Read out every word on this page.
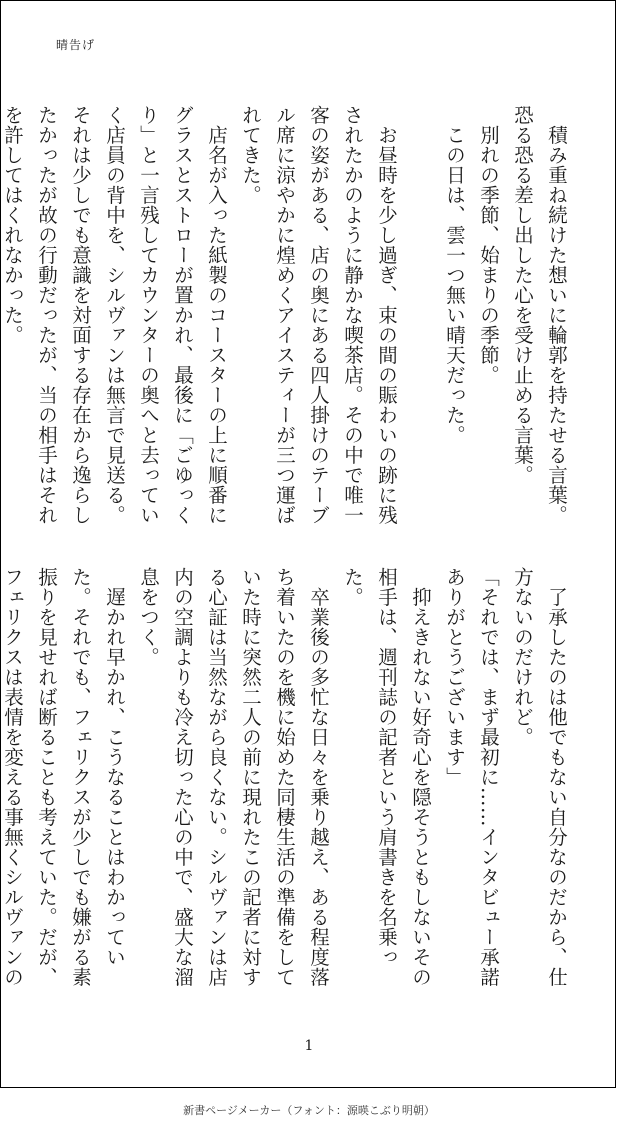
晴告げ

積み重ね続けた想いに輪郭を持たせる言葉。

恐る恐る差し出した心を受け止める言葉。

別れの季節、始まりの季節。

この日は、雲一つ無い晴天だった。

お昼時を少し過ぎ、束の間の賑わいの跡に残されたかのように静かな喫茶店。その中で唯一客の姿がある、店の奥にある四人掛けのテーブル席に涼やかに煌めくアイスティーが三つ運ばれてきた。

店名が入った紙製のコースターの上に順番にグラスとストローが置かれ、最後に「ごゆっくり」と一言残してカウンターの奥へと去っていく店員の背中を、シルヴァンは無言で見送る。それは少しでも意識を対面する存在から逸らしたかったが故の行動だったが、当の相手はそれを許してはくれなかった。

了承したのは他でもない自分なのだから、仕方ないのだけれど。

「それでは、まず最初に……インタビュー承諾ありがとうございます」

抑えきれない好奇心を隠そうともしないその相手は、週刊誌の記者という肩書きを名乗った。

卒業後の多忙な日々を乗り越え、ある程度落ち着いたのを機に始めた同棲生活の準備をしていた時に突然二人の前に現れたこの記者に対する心証は当然ながら良くない。シルヴァンは店内の空調よりも冷え切った心の中で、盛大な溜息をつく。

遅かれ早かれ、こうなることはわかっていた。それでも、フェリクスが少しでも嫌がる素振りを見せれば断ることも考えていた。だが、フェリクスは表情を変える事無くシルヴァンの

1
新書ページメーカー（フォント：源暎こぶり明朝）
